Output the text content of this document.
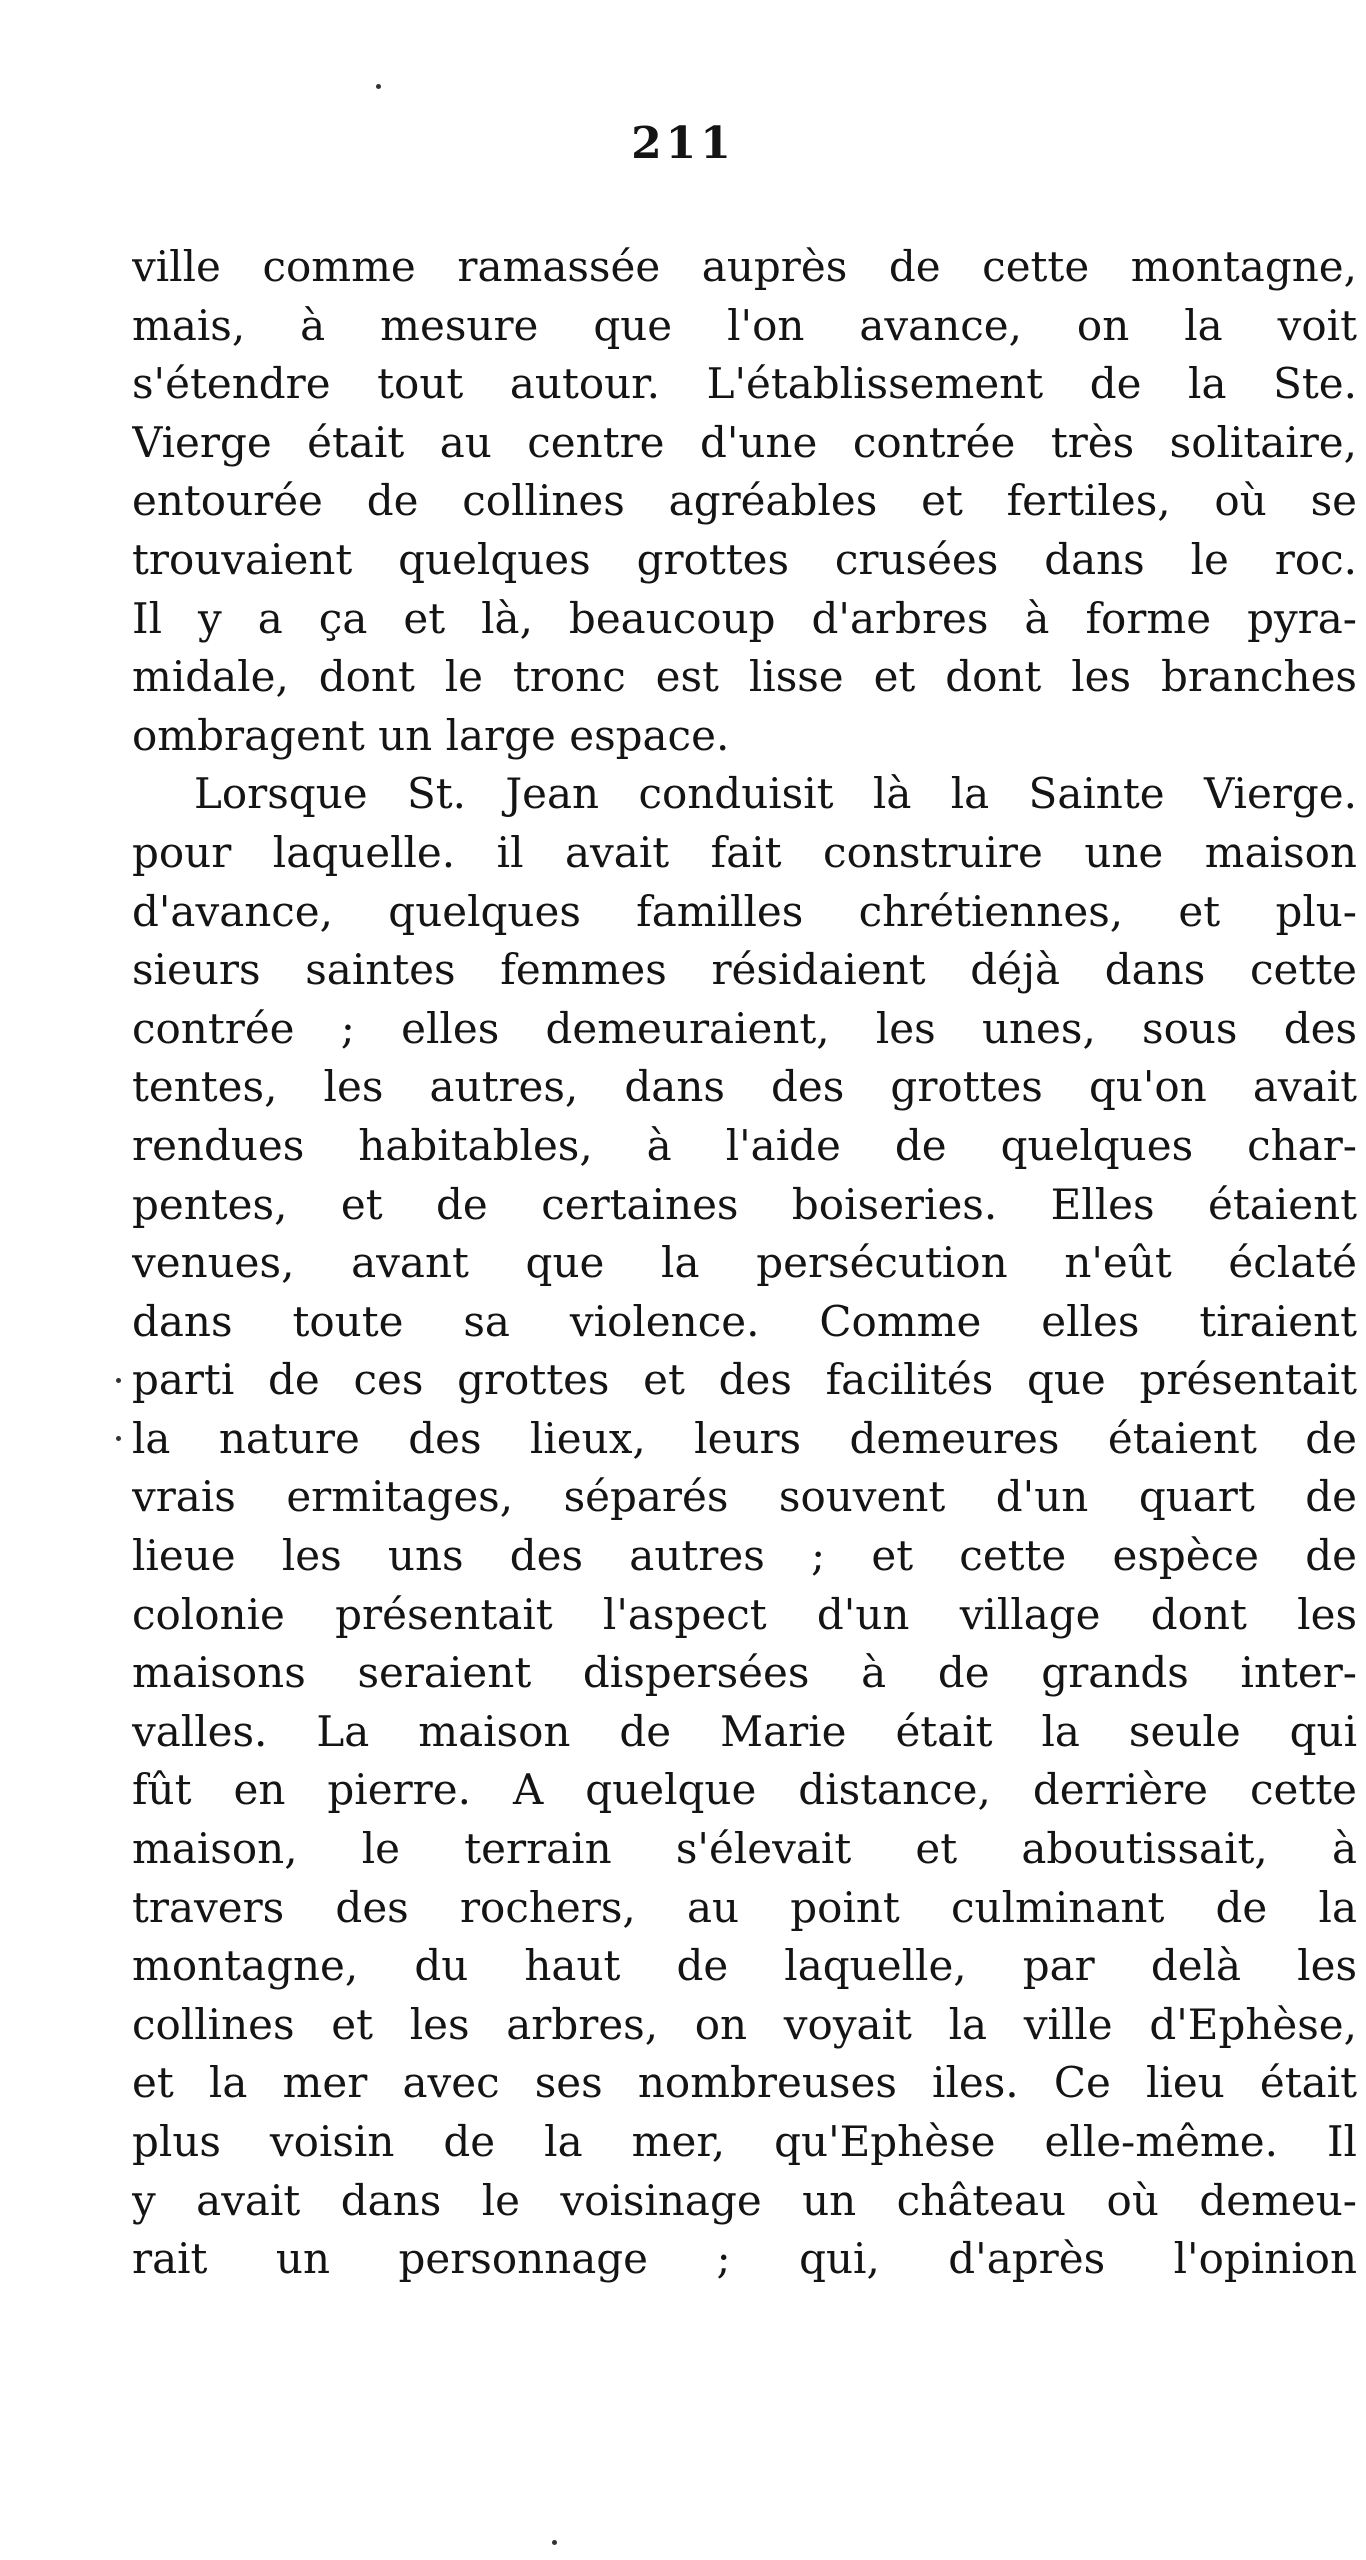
211
ville comme ramassée auprès de cette montagne,
mais, à mesure que l'on avance, on la voit
s'étendre tout autour. L'établissement de la Ste.
Vierge était au centre d'une contrée très solitaire,
entourée de collines agréables et fertiles, où se
trouvaient quelques grottes crusées dans le roc.
Il y a ça et là, beaucoup d'arbres à forme pyra-
midale, dont le tronc est lisse et dont les branches
ombragent un large espace.
Lorsque St. Jean conduisit là la Sainte Vierge.
pour laquelle. il avait fait construire une maison
d'avance, quelques familles chrétiennes, et plu-
sieurs saintes femmes résidaient déjà dans cette
contrée ; elles demeuraient, les unes, sous des
tentes, les autres, dans des grottes qu'on avait
rendues habitables, à l'aide de quelques char-
pentes, et de certaines boiseries. Elles étaient
venues, avant que la persécution n'eût éclaté
dans toute sa violence. Comme elles tiraient
parti de ces grottes et des facilités que présentait
la nature des lieux, leurs demeures étaient de
vrais ermitages, séparés souvent d'un quart de
lieue les uns des autres ; et cette espèce de
colonie présentait l'aspect d'un village dont les
maisons seraient dispersées à de grands inter-
valles. La maison de Marie était la seule qui
fût en pierre. A quelque distance, derrière cette
maison, le terrain s'élevait et aboutissait, à
travers des rochers, au point culminant de la
montagne, du haut de laquelle, par delà les
collines et les arbres, on voyait la ville d'Ephèse,
et la mer avec ses nombreuses iles. Ce lieu était
plus voisin de la mer, qu'Ephèse elle-même. Il
y avait dans le voisinage un château où demeu-
rait un personnage ; qui, d'après l'opinion
